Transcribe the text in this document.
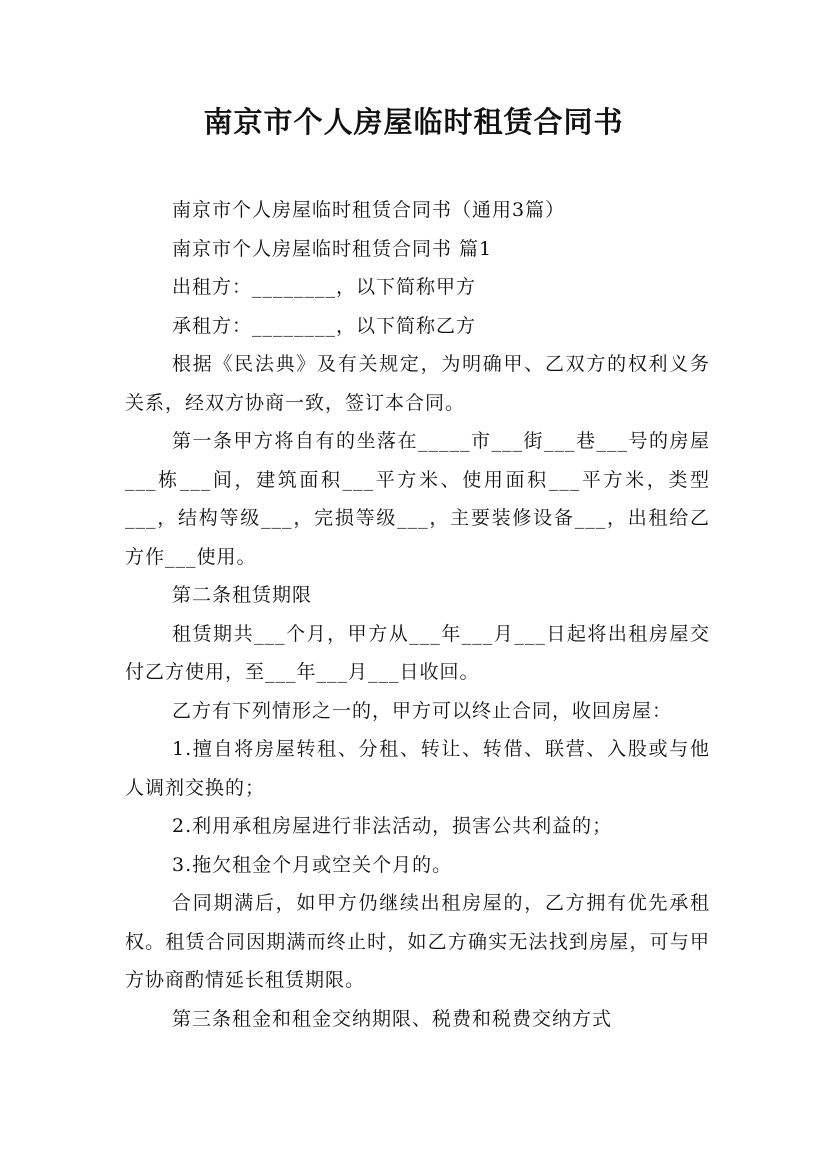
南京市个人房屋临时租赁合同书

南京市个人房屋临时租赁合同书（通用3篇）

南京市个人房屋临时租赁合同书 篇1

出租方：________，以下简称甲方

承租方：________，以下简称乙方

根据《民法典》及有关规定，为明确甲、乙双方的权利义务关系，经双方协商一致，签订本合同。

第一条甲方将自有的坐落在_____市___街___巷___号的房屋___栋___间，建筑面积___平方米、使用面积___平方米，类型___，结构等级___，完损等级___，主要装修设备___，出租给乙方作___使用。

第二条租赁期限

租赁期共___个月，甲方从___年___月___日起将出租房屋交付乙方使用，至___年___月___日收回。

乙方有下列情形之一的，甲方可以终止合同，收回房屋：

1.擅自将房屋转租、分租、转让、转借、联营、入股或与他人调剂交换的；

2.利用承租房屋进行非法活动，损害公共利益的；

3.拖欠租金个月或空关个月的。

合同期满后，如甲方仍继续出租房屋的，乙方拥有优先承租权。租赁合同因期满而终止时，如乙方确实无法找到房屋，可与甲方协商酌情延长租赁期限。

第三条租金和租金交纳期限、税费和税费交纳方式
